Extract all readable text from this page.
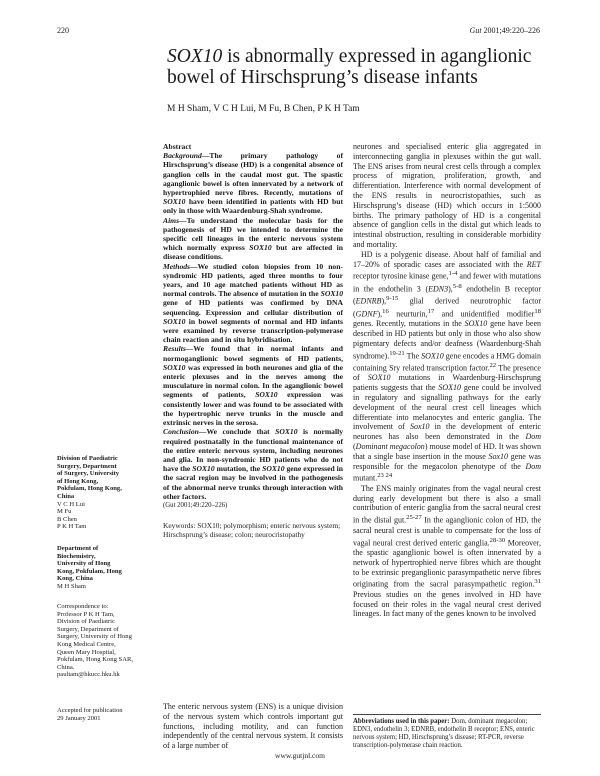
220	Gut 2001;49:220–226
SOX10 is abnormally expressed in aganglionic bowel of Hirschsprung’s disease infants
M H Sham, V C H Lui, M Fu, B Chen, P K H Tam
Division of Paediatric
Surgery, Department
of Surgery, University
of Hong Kong,
Pokfulam, Hong Kong,
China
V C H Lui
M Fu
B Chen
P K H Tam
Department of
Biochemistry,
University of Hong
Kong, Pokfulam, Hong
Kong, China
M H Sham
Correspondence to:
Professor P K H Tam,
Division of Paediatric
Surgery, Department of
Surgery, University of Hong
Kong Medical Centre,
Queen Mary Hospital,
Pokfulam, Hong Kong SAR,
China.
paultam@hkucc.hku.hk
Accepted for publication
29 January 2001
Abstract

Background—The primary pathology of Hirschsprung’s disease (HD) is a congenital absence of ganglion cells in the caudal most gut. The spastic aganglionic bowel is often innervated by a network of hypertrophied nerve fibres. Recently, mutations of SOX10 have been identified in patients with HD but only in those with Waardenburg-Shah syndrome.

Aims—To understand the molecular basis for the pathogenesis of HD we intended to determine the specific cell lineages in the enteric nervous system which normally express SOX10 but are affected in disease conditions.

Methods—We studied colon biopsies from 10 non-syndromic HD patients, aged three months to four years, and 10 age matched patients without HD as normal controls. The absence of mutation in the SOX10 gene of HD patients was confirmed by DNA sequencing. Expression and cellular distribution of SOX10 in bowel segments of normal and HD infants were examined by reverse transcription-polymerase chain reaction and in situ hybridisation.

Results—We found that in normal infants and normoganglionic bowel segments of HD patients, SOX10 was expressed in both neurones and glia of the enteric plexuses and in the nerves among the musculature in normal colon. In the aganglionic bowel segments of patients, SOX10 expression was consistently lower and was found to be associated with the hypertrophic nerve trunks in the muscle and extrinsic nerves in the serosa.

Conclusion—We conclude that SOX10 is normally required postnatally in the functional maintenance of the entire enteric nervous system, including neurones and glia. In non-syndromic HD patients who do not have the SOX10 mutation, the SOX10 gene expressed in the sacral region may be involved in the pathogenesis of the abnormal nerve trunks through interaction with other factors.

(Gut 2001;49:220–226)

Keywords: SOX10; polymorphism; enteric nervous system; Hirschsprung’s disease; colon; neurocristopathy

The enteric nervous system (ENS) is a unique division of the nervous system which controls important gut functions, including motility, and can function independently of the central nervous system. It consists of a large number of

neurones and specialised enteric glia aggregated in interconnecting ganglia in plexuses within the gut wall. The ENS arises from neural crest cells through a complex process of migration, proliferation, growth, and differentiation. Interference with normal development of the ENS results in neurocristopathies, such as Hirschsprung’s disease (HD) which occurs in 1:5000 births. The primary pathology of HD is a congenital absence of ganglion cells in the distal gut which leads to intestinal obstruction, resulting in considerable morbidity and mortality.

HD is a polygenic disease. About half of familial and 17–20% of sporadic cases are associated with the RET receptor tyrosine kinase gene,$^{1-4}$ and fewer with mutations in the endothelin 3 (EDN3),$^{5-8}$ endothelin B receptor (EDNRB),$^{9-15}$ glial derived neurotrophic factor (GDNF),$^{16}$ neurturin,$^{17}$ and unidentified modifier$^{18}$ genes. Recently, mutations in the SOX10 gene have been described in HD patients but only in those who also show pigmentary defects and/or deafness (Waardenburg-Shah syndrome).$^{19-21}$ The SOX10 gene encodes a HMG domain containing Sry related transcription factor.$^{22}$ The presence of SOX10 mutations in Waardenburg-Hirschsprung patients suggests that the SOX10 gene could be involved in regulatory and signalling pathways for the early development of the neural crest cell lineages which differentiate into melanocytes and enteric ganglia. The involvement of Sox10 in the development of enteric neurones has also been demonstrated in the Dom (Dominant megacolon) mouse model of HD. It was shown that a single base insertion in the mouse Sox10 gene was responsible for the megacolon phenotype of the Dom mutant.$^{23 24}$

The ENS mainly originates from the vagal neural crest during early development but there is also a small contribution of enteric ganglia from the sacral neural crest in the distal gut.$^{25-27}$ In the aganglionic colon of HD, the sacral neural crest is unable to compensate for the loss of vagal neural crest derived enteric ganglia.$^{28-30}$ Moreover, the spastic aganglionic bowel is often innervated by a network of hypertrophied nerve fibres which are thought to be extrinsic preganglionic parasympathetic nerve fibres originating from the sacral parasympathetic region.$^{31}$ Previous studies on the genes involved in HD have focused on their roles in the vagal neural crest derived lineages. In fact many of the genes known to be involved

Abbreviations used in this paper: Dom, dominant megacolon; EDN3, endothelin 3; EDNRB, endothelin B receptor; ENS, enteric nervous system; HD, Hirschsprung’s disease; RT-PCR, reverse transcription-polymerase chain reaction.
www.gutjnl.com
